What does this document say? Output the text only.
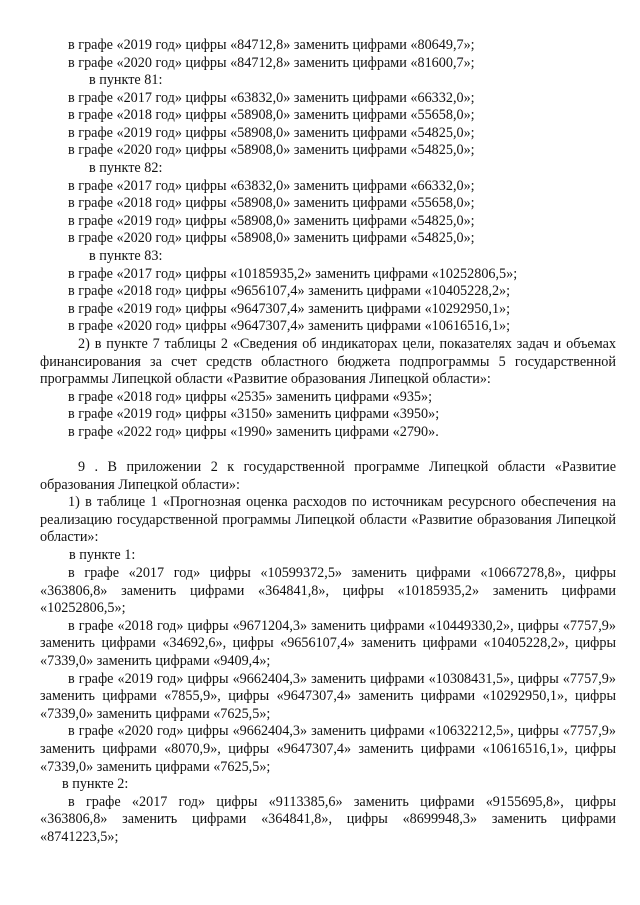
в графе «2019 год» цифры «84712,8» заменить цифрами «80649,7»;
в графе «2020 год» цифры «84712,8» заменить цифрами «81600,7»;
в пункте 81:
в графе «2017 год» цифры «63832,0» заменить цифрами «66332,0»;
в графе «2018 год» цифры «58908,0» заменить цифрами «55658,0»;
в графе «2019 год» цифры «58908,0» заменить цифрами «54825,0»;
в графе «2020 год» цифры «58908,0» заменить цифрами «54825,0»;
в пункте 82:
в графе «2017 год» цифры «63832,0» заменить цифрами «66332,0»;
в графе «2018 год» цифры «58908,0» заменить цифрами «55658,0»;
в графе «2019 год» цифры «58908,0» заменить цифрами «54825,0»;
в графе «2020 год» цифры «58908,0» заменить цифрами «54825,0»;
в пункте 83:
в графе «2017 год» цифры «10185935,2» заменить цифрами «10252806,5»;
в графе «2018 год» цифры «9656107,4» заменить цифрами «10405228,2»;
в графе «2019 год» цифры «9647307,4» заменить цифрами «10292950,1»;
в графе «2020 год» цифры «9647307,4» заменить цифрами «10616516,1»;
2) в пункте 7 таблицы 2 «Сведения об индикаторах цели, показателях задач и объемах финансирования за счет средств областного бюджета подпрограммы 5 государственной программы Липецкой области «Развитие образования Липецкой области»:
в графе «2018 год» цифры «2535» заменить цифрами «935»;
в графе «2019 год» цифры «3150» заменить цифрами «3950»;
в графе «2022 год» цифры «1990» заменить цифрами «2790».
9 . В приложении 2 к государственной программе Липецкой области «Развитие образования Липецкой области»:
1) в таблице 1 «Прогнозная оценка расходов по источникам ресурсного обеспечения на реализацию государственной программы Липецкой области «Развитие образования Липецкой области»:
в пункте 1:
в графе «2017 год» цифры «10599372,5» заменить цифрами «10667278,8», цифры «363806,8» заменить цифрами «364841,8», цифры «10185935,2» заменить цифрами «10252806,5»;
в графе «2018 год» цифры «9671204,3» заменить цифрами «10449330,2», цифры «7757,9» заменить цифрами «34692,6», цифры «9656107,4» заменить цифрами «10405228,2», цифры «7339,0» заменить цифрами «9409,4»;
в графе «2019 год» цифры «9662404,3» заменить цифрами «10308431,5», цифры «7757,9» заменить цифрами «7855,9», цифры «9647307,4» заменить цифрами «10292950,1», цифры «7339,0» заменить цифрами «7625,5»;
в графе «2020 год» цифры «9662404,3» заменить цифрами «10632212,5», цифры «7757,9» заменить цифрами «8070,9», цифры «9647307,4» заменить цифрами «10616516,1», цифры «7339,0» заменить цифрами «7625,5»;
в пункте 2:
в графе «2017 год» цифры «9113385,6» заменить цифрами «9155695,8», цифры «363806,8» заменить цифрами «364841,8», цифры «8699948,3» заменить цифрами «8741223,5»;
